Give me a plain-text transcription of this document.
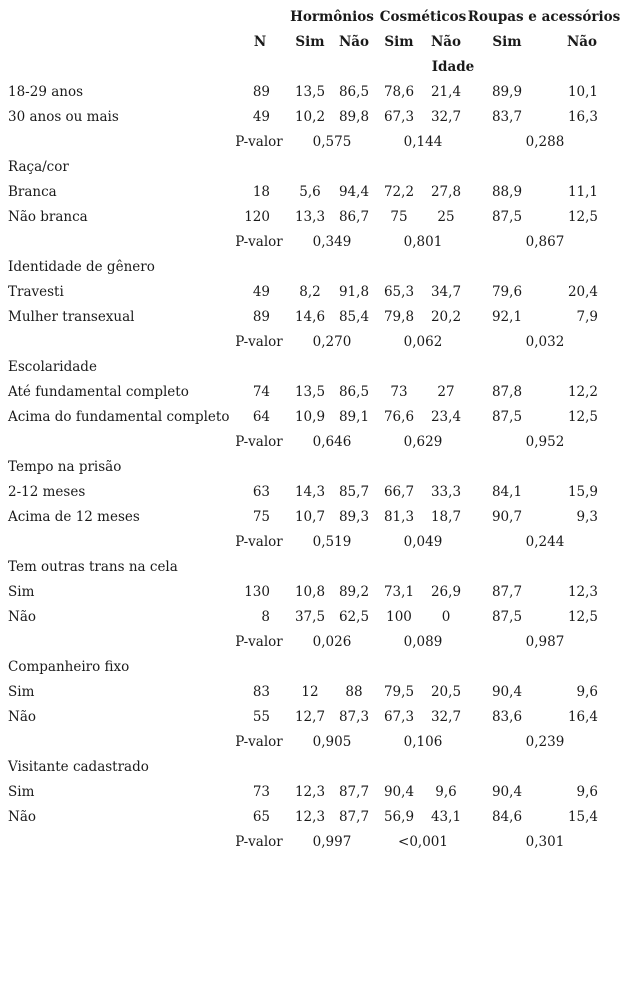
Hormônios Cosméticos Roupas e acessórios
N Sim Não Sim Não Sim	Não
Idade
18-29 anos	89 13,5 86,5 78,6 21,4 89,9	10,1
30 anos ou mais	49 10,2 89,8 67,3 32,7 83,7	16,3
P-valor 0,575	0,144	0,288
Raça/cor
Branca	18 5,6 94,4 72,2 27,8 88,9	11,1
Não branca	120 13,3 86,7 75 25	87,5	12,5
P-valor 0,349	0,801	0,867
Identidade de gênero
Travesti	49 8,2 91,8 65,3 34,7 79,6	20,4
Mulher transexual	89 14,6 85,4 79,8 20,2 92,1	7,9
P-valor 0,270	0,062	0,032
Escolaridade
Até fundamental completo	74 13,5 86,5 73 27	87,8	12,2
Acima do fundamental completo 64 10,9 89,1 76,6 23,4 87,5	12,5
P-valor 0,646	0,629	0,952
Tempo na prisão
2-12 meses	63 14,3 85,7 66,7 33,3 84,1	15,9
Acima de 12 meses	75 10,7 89,3 81,3 18,7 90,7	9,3
P-valor 0,519	0,049	0,244
Tem outras trans na cela
Sim	130 10,8 89,2 73,1 26,9 87,7	12,3
Não	8 37,5 62,5 100 0	87,5	12,5
P-valor 0,026	0,089	0,987
Companheiro fixo
Sim	83 12 88 79,5 20,5 90,4	9,6
Não	55 12,7 87,3 67,3 32,7 83,6	16,4
P-valor 0,905	0,106	0,239
Visitante cadastrado
Sim	73 12,3 87,7 90,4 9,6	90,4	9,6
Não	65 12,3 87,7 56,9 43,1 84,6	15,4
P-valor 0,997	<0,001	0,301
